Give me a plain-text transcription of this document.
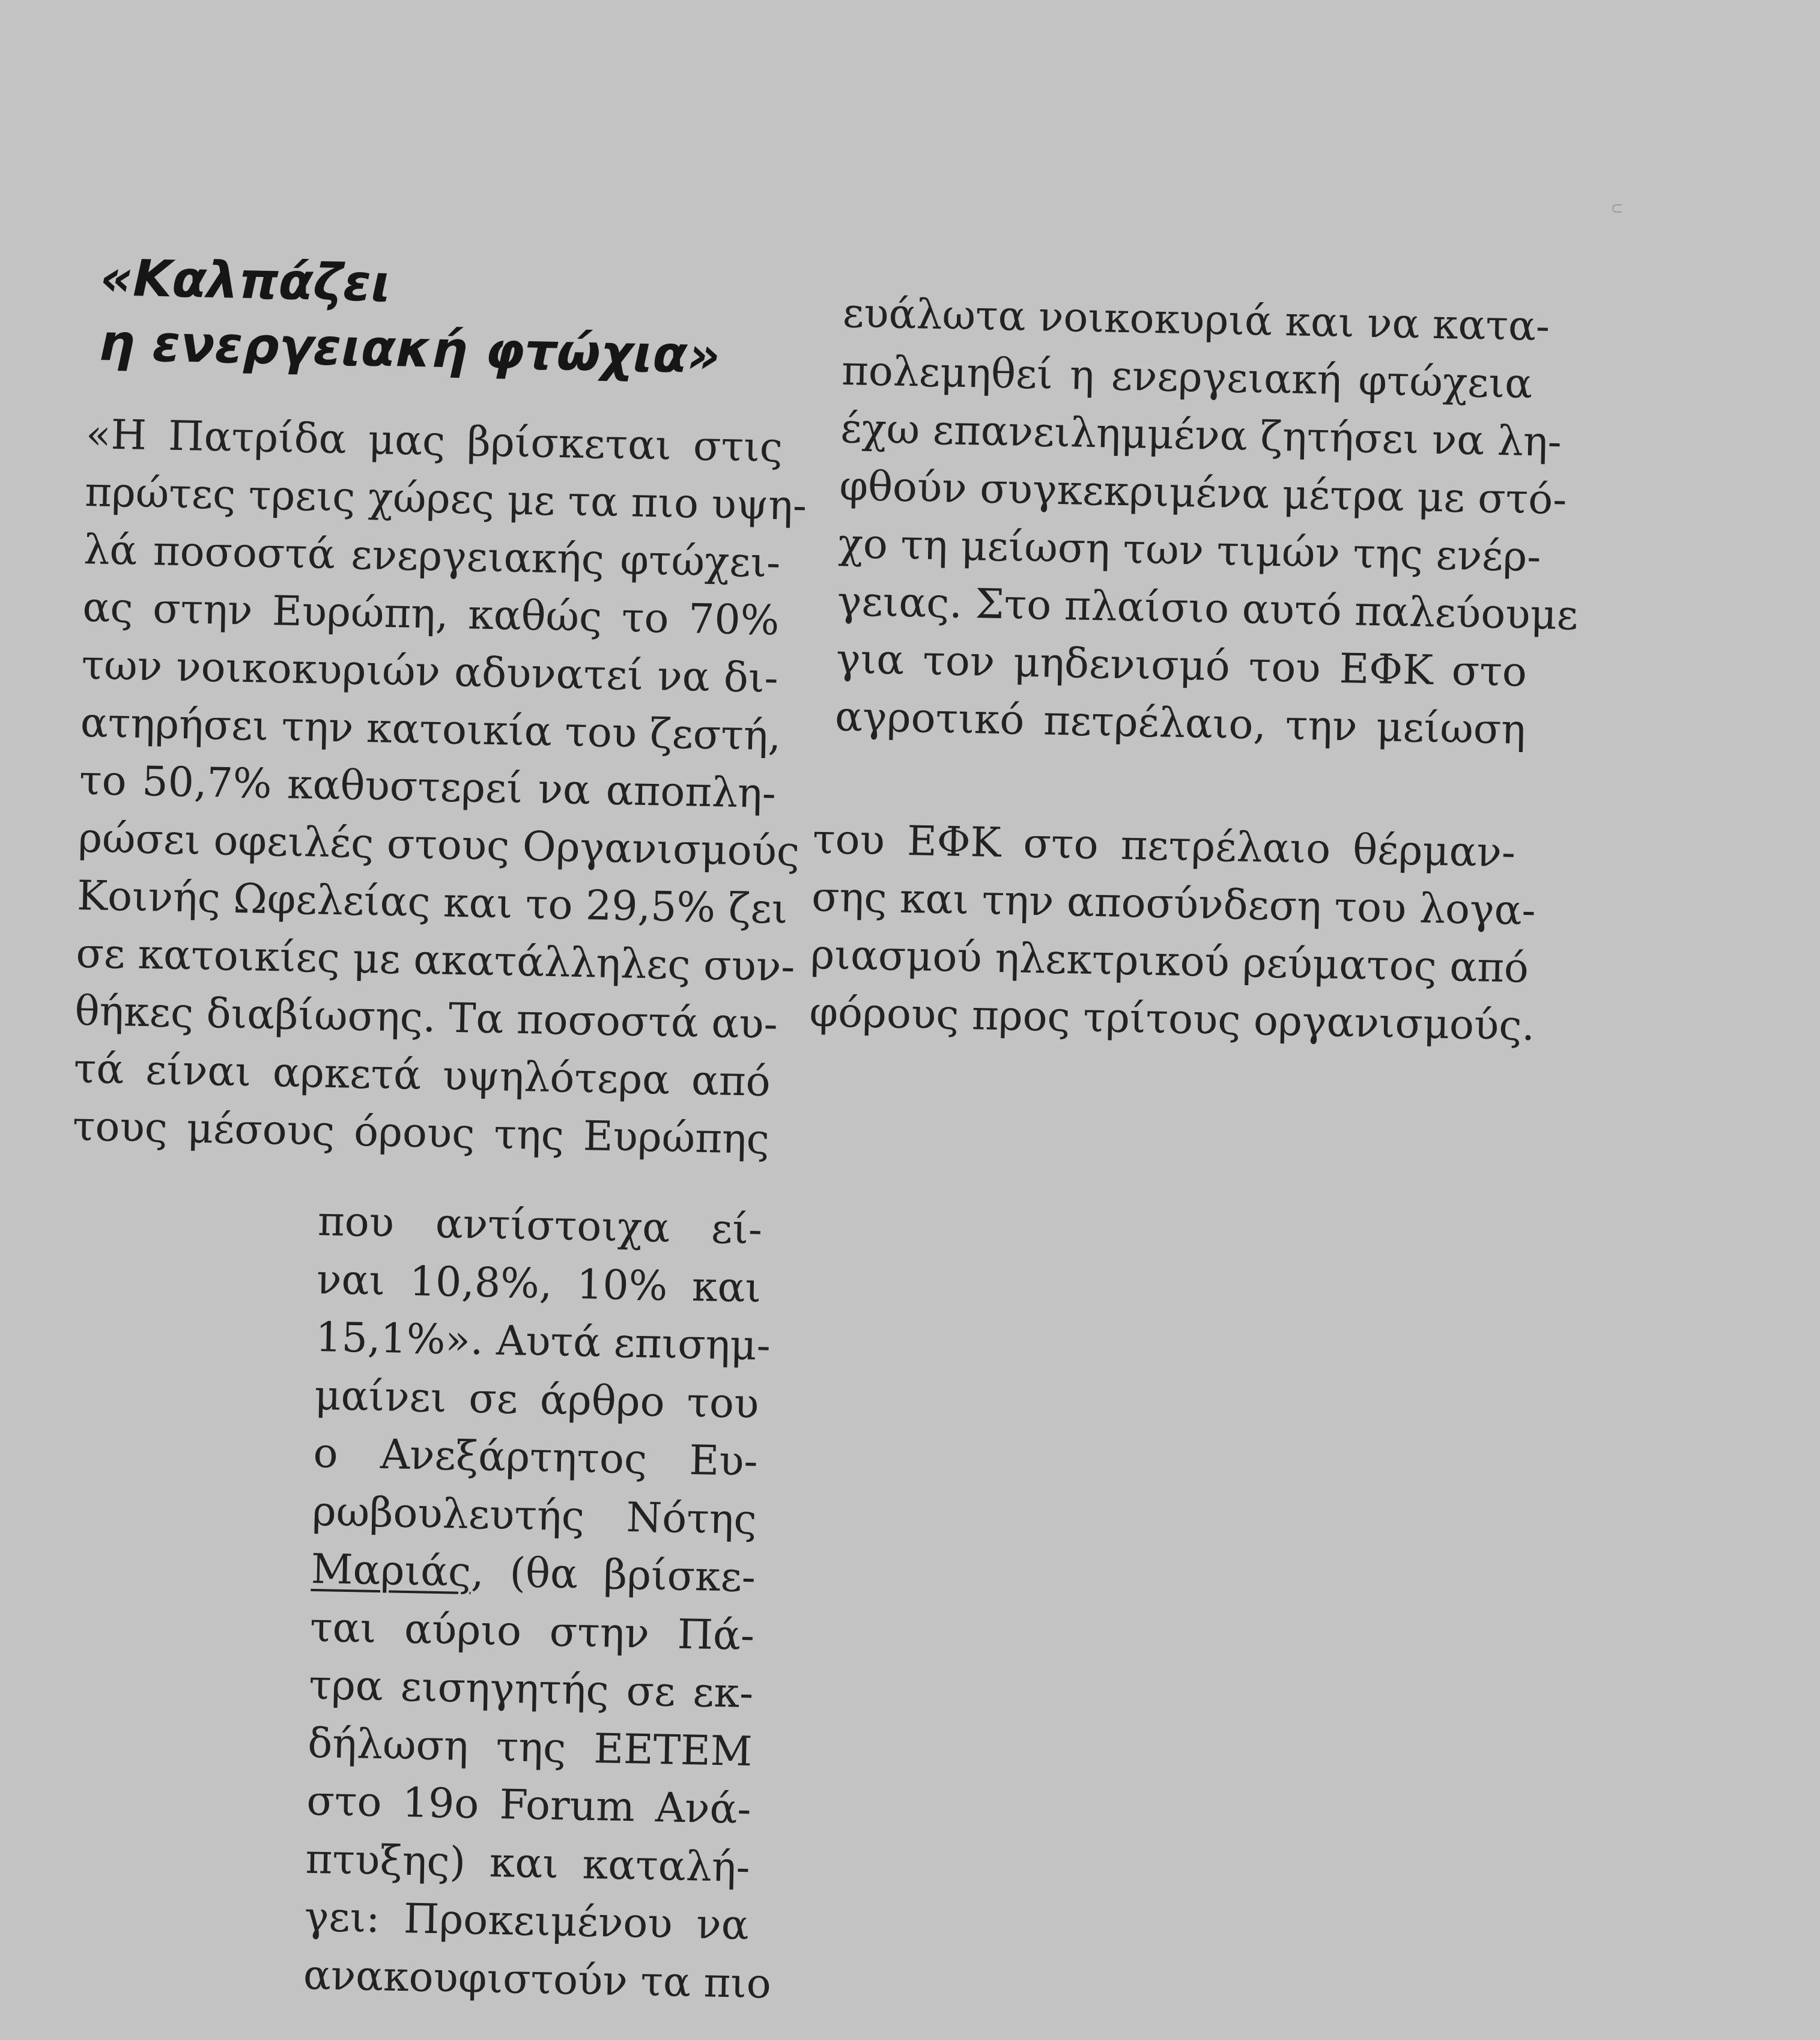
«Καλπάζει
η ενεργειακή φτώχια»
«Η Πατρίδα μας βρίσκεται στις
πρώτες τρεις χώρες με τα πιο υψη-
λά ποσοστά ενεργειακής φτώχει-
ας στην Ευρώπη, καθώς το 70%
των νοικοκυριών αδυνατεί να δι-
ατηρήσει την κατοικία του ζεστή,
το 50,7% καθυστερεί να αποπλη-
ρώσει οφειλές στους Οργανισμούς
Κοινής Ωφελείας και το 29,5% ζει
σε κατοικίες με ακατάλληλες συν-
θήκες διαβίωσης. Τα ποσοστά αυ-
τά είναι αρκετά υψηλότερα από
τους μέσους όρους της Ευρώπης
που αντίστοιχα εί-
ναι 10,8%, 10% και
15,1%». Αυτά επισημ-
μαίνει σε άρθρο του
ο Ανεξάρτητος Ευ-
ρωβουλευτής Νότης
Μαριάς, (θα βρίσκε-
ται αύριο στην Πά-
τρα εισηγητής σε εκ-
δήλωση της ΕΕΤΕΜ
στο 19ο Forum Ανά-
πτυξης) και καταλή-
γει: Προκειμένου να
ανακουφιστούν τα πιο
ευάλωτα νοικοκυριά και να κατα-
πολεμηθεί η ενεργειακή φτώχεια
έχω επανειλημμένα ζητήσει να λη-
φθούν συγκεκριμένα μέτρα με στό-
χο τη μείωση των τιμών της ενέρ-
γειας. Στο πλαίσιο αυτό παλεύουμε
για τον μηδενισμό του ΕΦΚ στο
αγροτικό πετρέλαιο, την μείωση
του ΕΦΚ στο πετρέλαιο θέρμαν-
σης και την αποσύνδεση του λογα-
ριασμού ηλεκτρικού ρεύματος από
φόρους προς τρίτους οργανισμούς.
